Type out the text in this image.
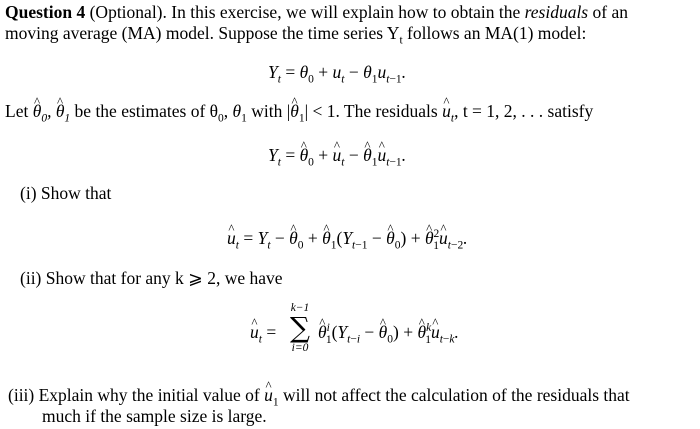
Question 4 (Optional). In this exercise, we will explain how to obtain the residuals of an
moving average (MA) model. Suppose the time series $Y_t$ follows an MA(1) model:
$Y_t = \theta_0 + u_t - \theta_1u_{t-1}$.
Let ^ $\theta_0$, ^ $\theta_1$ be the estimates of $\theta_0$, $\theta_1$ with |^ $\theta_1| < 1$. The residuals ^ $u_t$, t = 1, 2, . . . satisfy
$Y_t$ = ^ $\theta_0$ + ^ $u_t$ − ^ $\theta_1\^{}$ $u_{t-1}$.
(i) Show that
^ $u_t = Y_t$ − ^ $\theta_0$ + ^ $\theta_1(Y_{t-1}$ − ^ $\theta_0$) + ^ $\theta^2_1\^{}$ $u_{t-2}$.
(ii) Show that for any k ⩾ 2, we have
^ $u_t$ =
k−1
∑
i=0
^ $\theta^i_1(Y_{t-i}$ − ^ $\theta_0$) + ^ $\theta^k_1\^{}$ $u_{t-k}$.
(iii) Explain why the initial value of ^ $u_1$ will not affect the calculation of the residuals that
much if the sample size is large.
